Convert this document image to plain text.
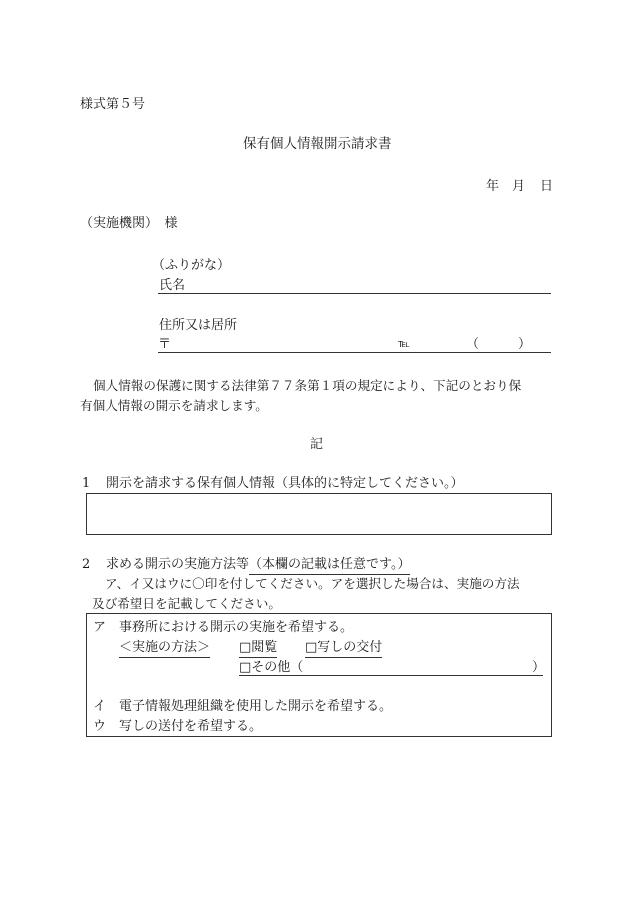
様式第５号
保有個人情報開示請求書
年 月 日
（実施機関）　様
（ふりがな）
氏名
住所又は居所
〒	℡	（　　　）
個人情報の保護に関する法律第７７条第１項の規定により、下記のとおり保
有個人情報の開示を請求します。
記
1 開示を請求する保有個人情報（具体的に特定してください。）
2 求める開示の実施方法等（本欄の記載は任意です。）
ア、イ又はウに〇印を付してください。アを選択した場合は、実施の方法
及び希望日を記載してください。
ア 事務所における開示の実施を希望する。
＜実施の方法＞ □閲覧 □写しの交付
□その他（	）
イ 電子情報処理組織を使用した開示を希望する。
ウ 写しの送付を希望する。
